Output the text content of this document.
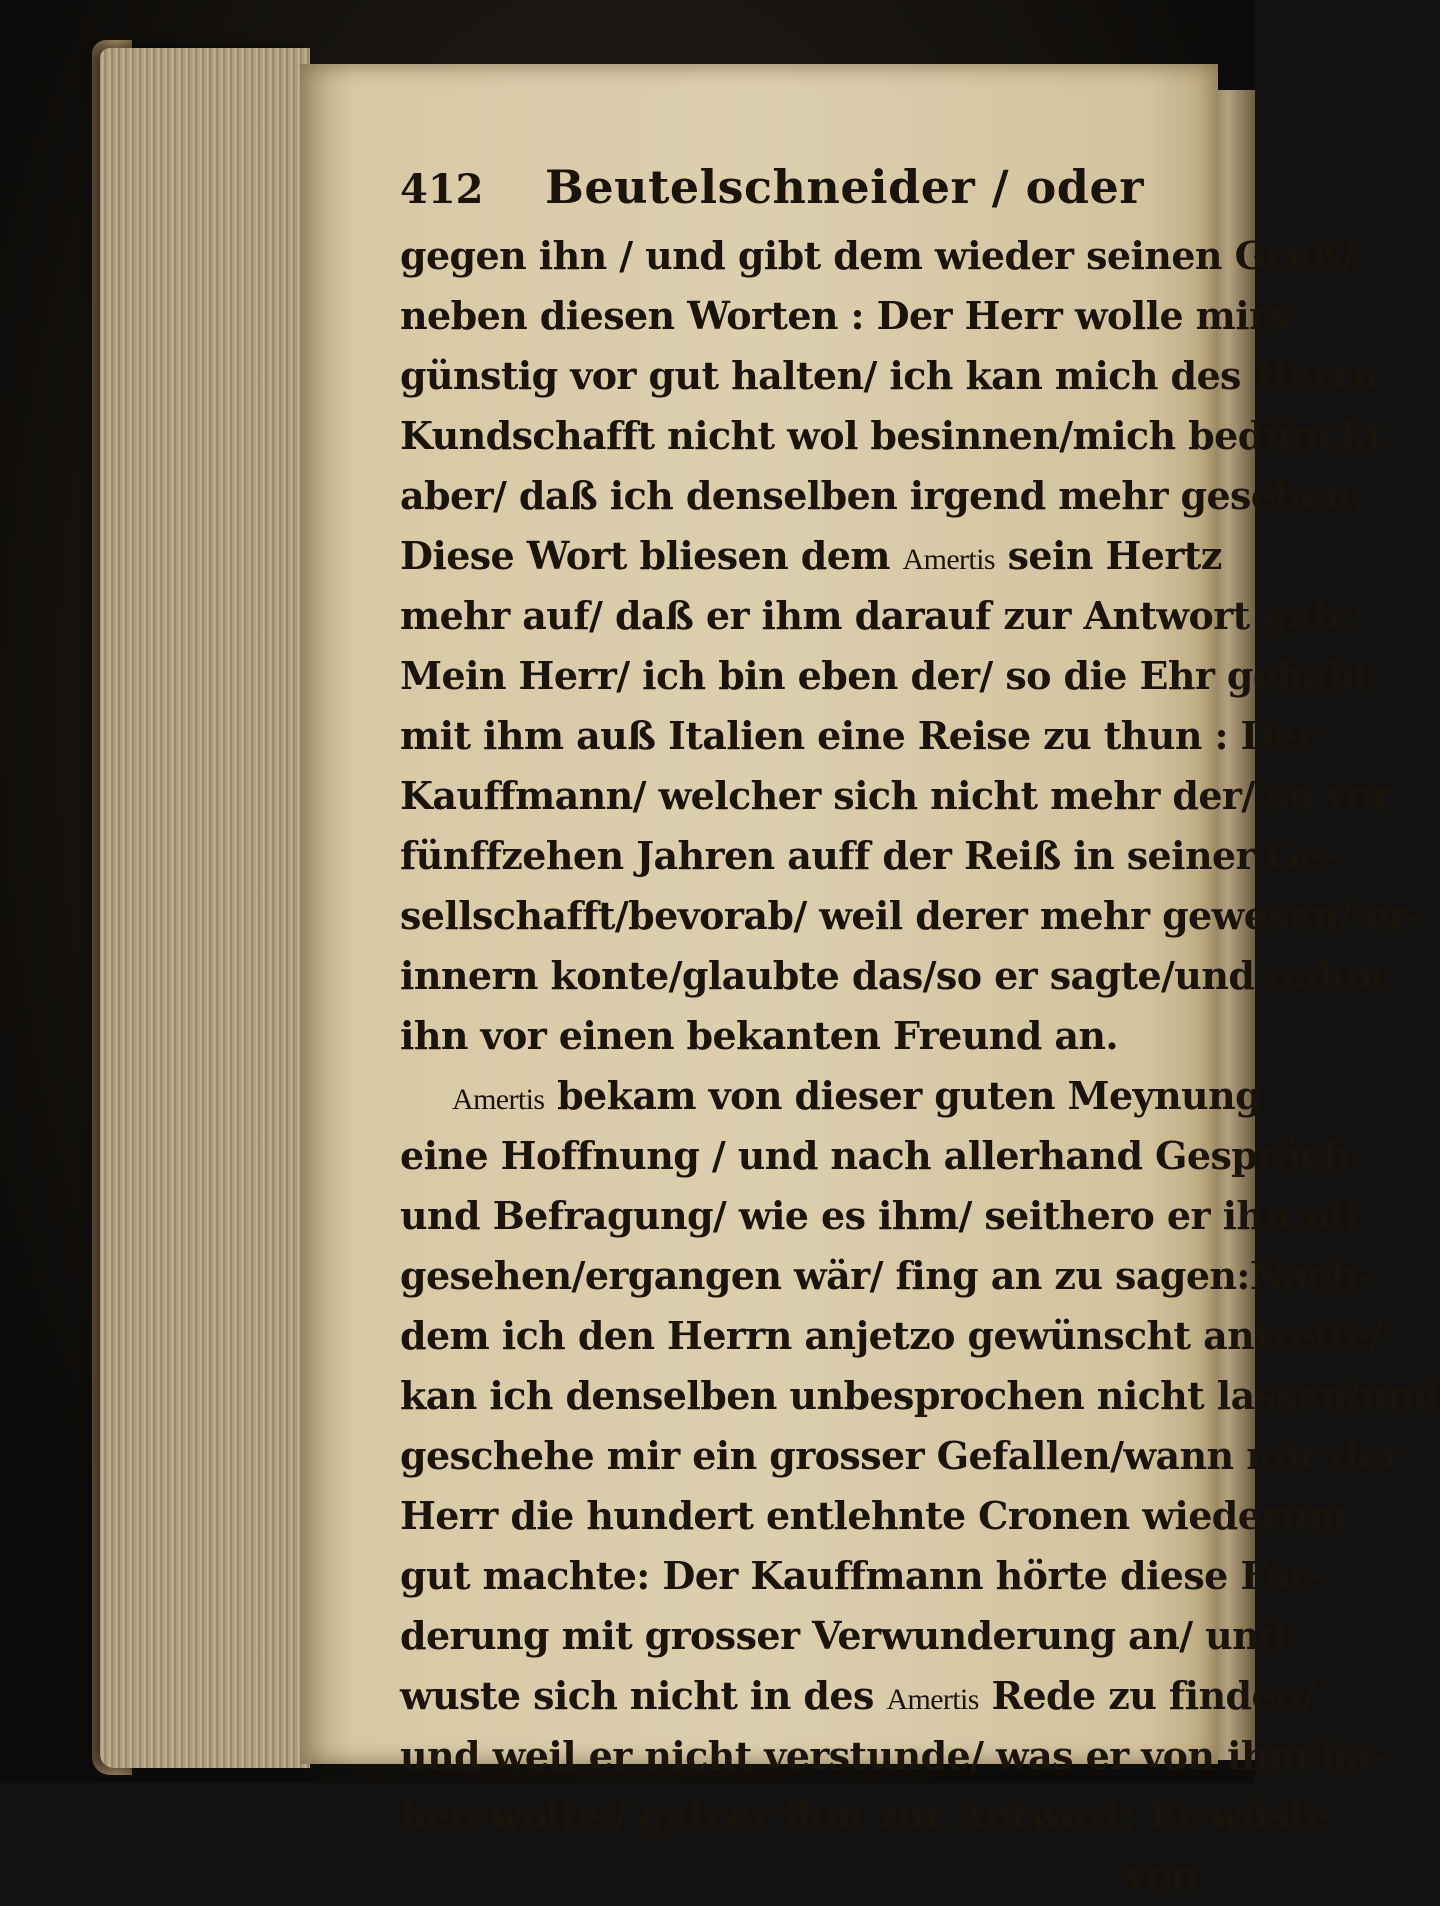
412	Beutelschneider / oder
gegen ihn / und gibt dem wieder seinen Gruß/
neben diesen Worten : Der Herr wolle mirs
günstig vor gut halten/ ich kan mich des Herrn
Kundschafft nicht wol besinnen/mich bedünckt
aber/ daß ich denselben irgend mehr gesehen.
Diese Wort bliesen dem Amertis sein Hertz
mehr auf/ daß er ihm darauf zur Antwort gab :
Mein Herr/ ich bin eben der/ so die Ehr gehabt
mit ihm auß Italien eine Reise zu thun : Der
Kauffmann/ welcher sich nicht mehr der/ so vor
fünffzehen Jahren auff der Reiß in seiner Ge-
sellschafft/bevorab/ weil derer mehr gewesen/ er-
innern konte/glaubte das/so er sagte/und nahm
ihn vor einen bekanten Freund an.
Amertis bekam von dieser guten Meynung
eine Hoffnung / und nach allerhand Gespräch
und Befragung/ wie es ihm/ seithero er ihn nit
gesehen/ergangen wär/ fing an zu sagen:Nach-
dem ich den Herrn anjetzo gewünscht antreffe/
kan ich denselben unbesprochen nicht lassen/und
geschehe mir ein grosser Gefallen/wann mir der
Herr die hundert entlehnte Cronen wiederum
gut machte: Der Kauffmann hörte diese For-
derung mit grosser Verwunderung an/ und
wuste sich nicht in des Amertis Rede zu finden/
und weil er nicht verstunde/ was er von ihm ha-
ben wolte / gab er ihm zur Antwort: Er wüste
von
